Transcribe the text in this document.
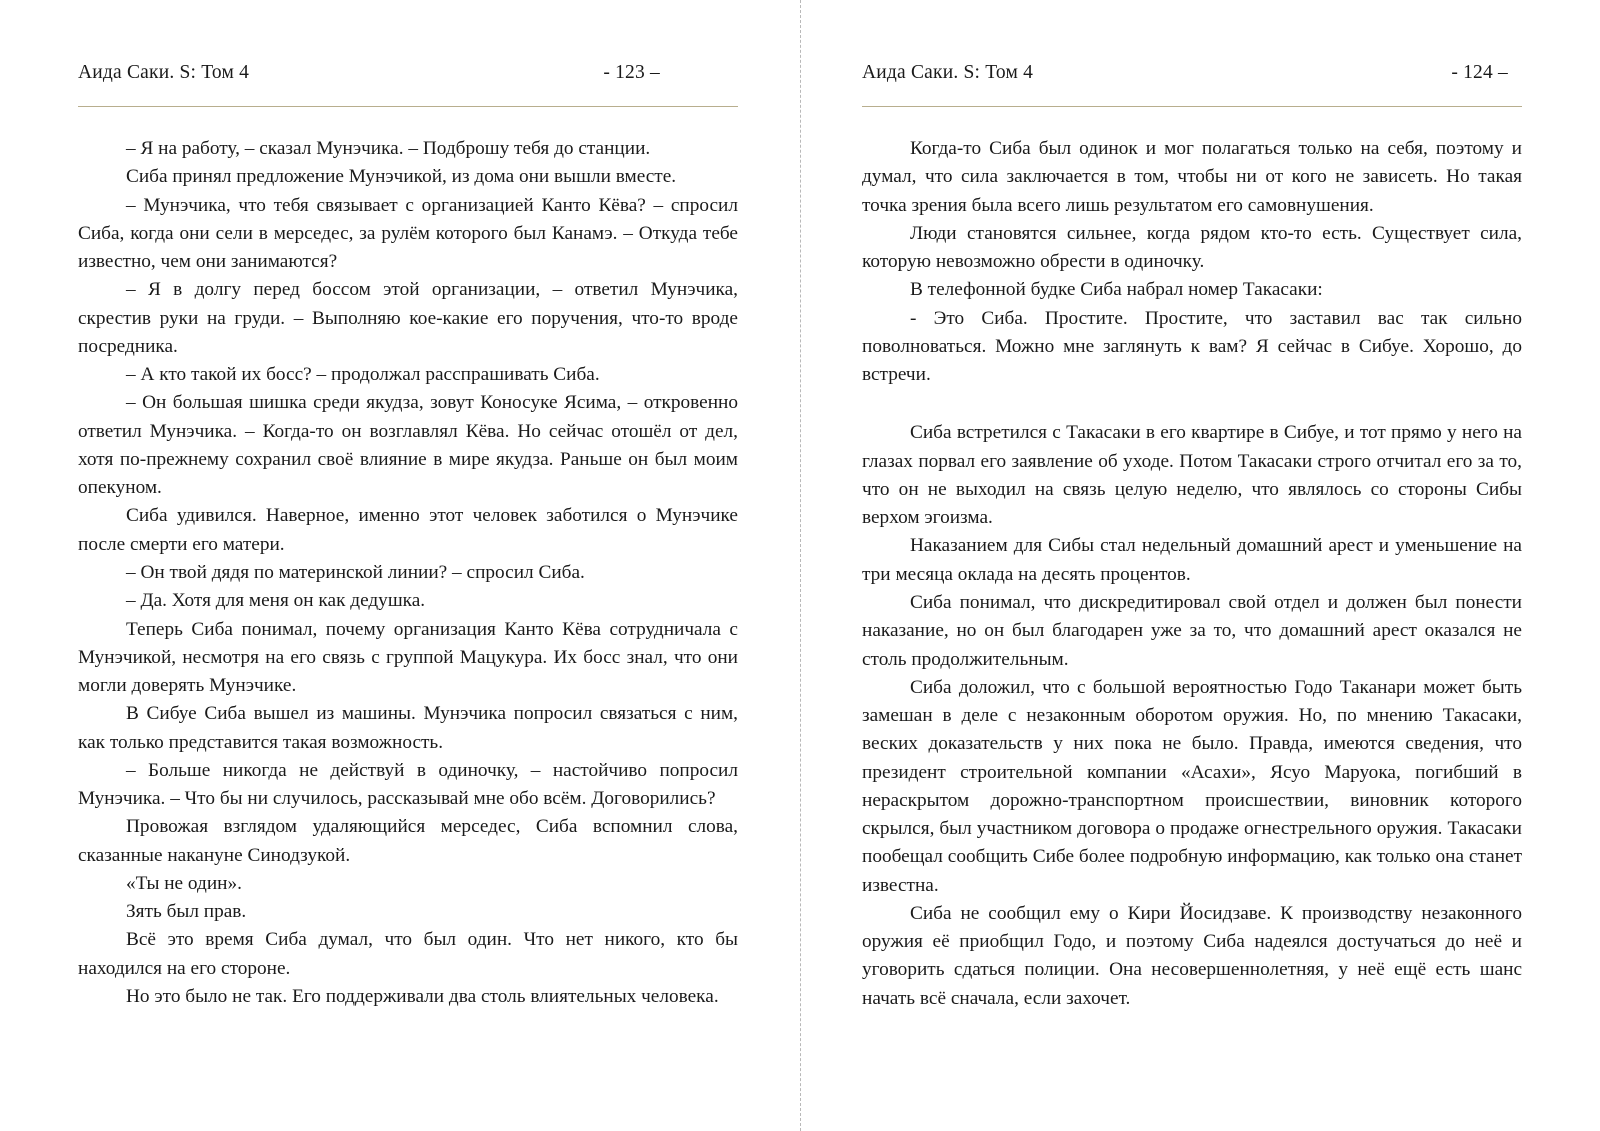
Аида Саки. S: Том 4	- 123 –

– Я на работу, – сказал Мунэчика. – Подброшу тебя до станции.

Сиба принял предложение Мунэчикой, из дома они вышли вместе.

– Мунэчика, что тебя связывает с организацией Канто Кёва? – спросил Сиба, когда они сели в мерседес, за рулём которого был Канамэ. – Откуда тебе известно, чем они занимаются?

– Я в долгу перед боссом этой организации, – ответил Мунэчика, скрестив руки на груди. – Выполняю кое-какие его поручения, что-то вроде посредника.

– А кто такой их босс? – продолжал расспрашивать Сиба.

– Он большая шишка среди якудза, зовут Коносуке Ясима, – откровенно ответил Мунэчика. – Когда-то он возглавлял Кёва. Но сейчас отошёл от дел, хотя по-прежнему сохранил своё влияние в мире якудза. Раньше он был моим опекуном.

Сиба удивился. Наверное, именно этот человек заботился о Мунэчике после смерти его матери.

– Он твой дядя по материнской линии? – спросил Сиба.

– Да. Хотя для меня он как дедушка.

Теперь Сиба понимал, почему организация Канто Кёва сотрудничала с Мунэчикой, несмотря на его связь с группой Мацукура. Их босс знал, что они могли доверять Мунэчике.

В Сибуе Сиба вышел из машины. Мунэчика попросил связаться с ним, как только представится такая возможность.

– Больше никогда не действуй в одиночку, – настойчиво попросил Мунэчика. – Что бы ни случилось, рассказывай мне обо всём. Договорились?

Провожая взглядом удаляющийся мерседес, Сиба вспомнил слова, сказанные накануне Синодзукой.

«Ты не один».

Зять был прав.

Всё это время Сиба думал, что был один. Что нет никого, кто бы находился на его стороне.

Но это было не так. Его поддерживали два столь влиятельных человека.

Аида Саки. S: Том 4	- 124 –

Когда-то Сиба был одинок и мог полагаться только на себя, поэтому и думал, что сила заключается в том, чтобы ни от кого не зависеть. Но такая точка зрения была всего лишь результатом его самовнушения.

Люди становятся сильнее, когда рядом кто-то есть. Существует сила, которую невозможно обрести в одиночку.

В телефонной будке Сиба набрал номер Такасаки:

- Это Сиба. Простите. Простите, что заставил вас так сильно поволноваться. Можно мне заглянуть к вам? Я сейчас в Сибуе. Хорошо, до встречи.

Сиба встретился с Такасаки в его квартире в Сибуе, и тот прямо у него на глазах порвал его заявление об уходе. Потом Такасаки строго отчитал его за то, что он не выходил на связь целую неделю, что являлось со стороны Сибы верхом эгоизма.

Наказанием для Сибы стал недельный домашний арест и уменьшение на три месяца оклада на десять процентов.

Сиба понимал, что дискредитировал свой отдел и должен был понести наказание, но он был благодарен уже за то, что домашний арест оказался не столь продолжительным.

Сиба доложил, что с большой вероятностью Годо Таканари может быть замешан в деле с незаконным оборотом оружия. Но, по мнению Такасаки, веских доказательств у них пока не было. Правда, имеются сведения, что президент строительной компании «Асахи», Ясуо Маруока, погибший в нераскрытом дорожно-транспортном происшествии, виновник которого скрылся, был участником договора о продаже огнестрельного оружия. Такасаки пообещал сообщить Сибе более подробную информацию, как только она станет известна.

Сиба не сообщил ему о Кири Йосидзаве. К производству незаконного оружия её приобщил Годо, и поэтому Сиба надеялся достучаться до неё и уговорить сдаться полиции. Она несовершеннолетняя, у неё ещё есть шанс начать всё сначала, если захочет.
